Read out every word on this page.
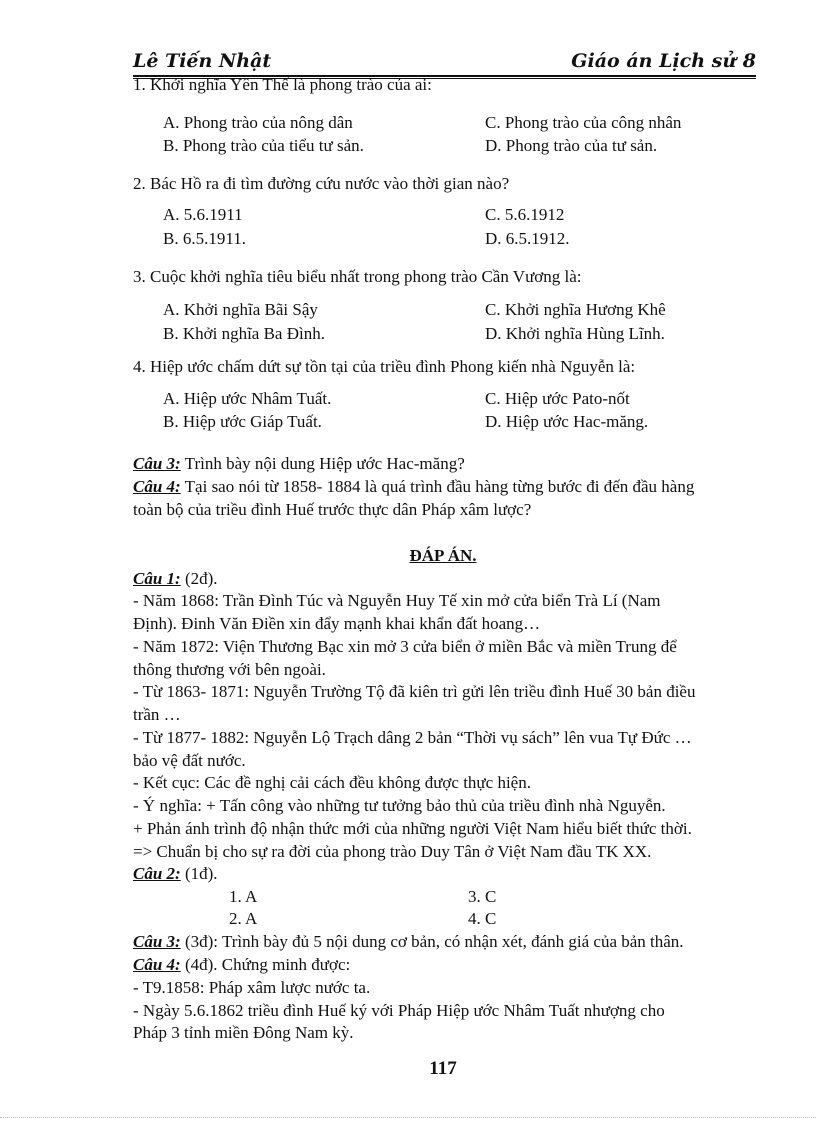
Lê Tiến Nhật	Giáo án Lịch sử 8
1. Khởi nghĩa Yên Thế là phong trào của ai:
A. Phong trào của nông dân	C. Phong trào của công nhân
B. Phong trào của tiểu tư sản.	D. Phong trào của tư sản.
2. Bác Hồ ra đi tìm đường cứu nước vào thời gian nào?
A. 5.6.1911	C. 5.6.1912
B. 6.5.1911.	D. 6.5.1912.
3. Cuộc khởi nghĩa tiêu biểu nhất trong phong trào Cần Vương là:
A. Khởi nghĩa Bãi Sậy	C. Khởi nghĩa Hương Khê
B. Khởi nghĩa Ba Đình.	D. Khởi nghĩa Hùng Lĩnh.
4. Hiệp ước chấm dứt sự tồn tại của triều đình Phong kiến nhà Nguyễn là:
A. Hiệp ước Nhâm Tuất.	C. Hiệp ước Pato-nốt
B. Hiệp ước Giáp Tuất.	D. Hiệp ước Hac-măng.
Câu 3: Trình bày nội dung Hiệp ước Hac-măng?
Câu 4: Tại sao nói từ 1858- 1884 là quá trình đầu hàng từng bước đi đến đầu hàng
toàn bộ của triều đình Huế trước thực dân Pháp xâm lược?
ĐÁP ÁN.
Câu 1: (2đ).
- Năm 1868: Trần Đình Túc và Nguyễn Huy Tế xin mở cửa biển Trà Lí (Nam
Định). Đinh Văn Điền xin đẩy mạnh khai khẩn đất hoang…
- Năm 1872: Viện Thương Bạc xin mở 3 cửa biển ở miền Bắc và miền Trung để
thông thương với bên ngoài.
- Từ 1863- 1871: Nguyễn Trường Tộ đã kiên trì gửi lên triều đình Huế 30 bản điều
trần …
- Từ 1877- 1882: Nguyễn Lộ Trạch dâng 2 bản “Thời vụ sách” lên vua Tự Đức …
bảo vệ đất nước.
- Kết cục: Các đề nghị cải cách đều không được thực hiện.
- Ý nghĩa: + Tấn công vào những tư tưởng bảo thủ của triều đình nhà Nguyễn.
+ Phản ánh trình độ nhận thức mới của những người Việt Nam hiểu biết thức thời.
=> Chuẩn bị cho sự ra đời của phong trào Duy Tân ở Việt Nam đầu TK XX.
Câu 2: (1đ).
1. A	3. C
2. A	4. C
Câu 3: (3đ): Trình bày đủ 5 nội dung cơ bản, có nhận xét, đánh giá của bản thân.
Câu 4: (4đ). Chứng minh được:
- T9.1858: Pháp xâm lược nước ta.
- Ngày 5.6.1862 triều đình Huế ký với Pháp Hiệp ước Nhâm Tuất nhượng cho
Pháp 3 tỉnh miền Đông Nam kỳ.
117
